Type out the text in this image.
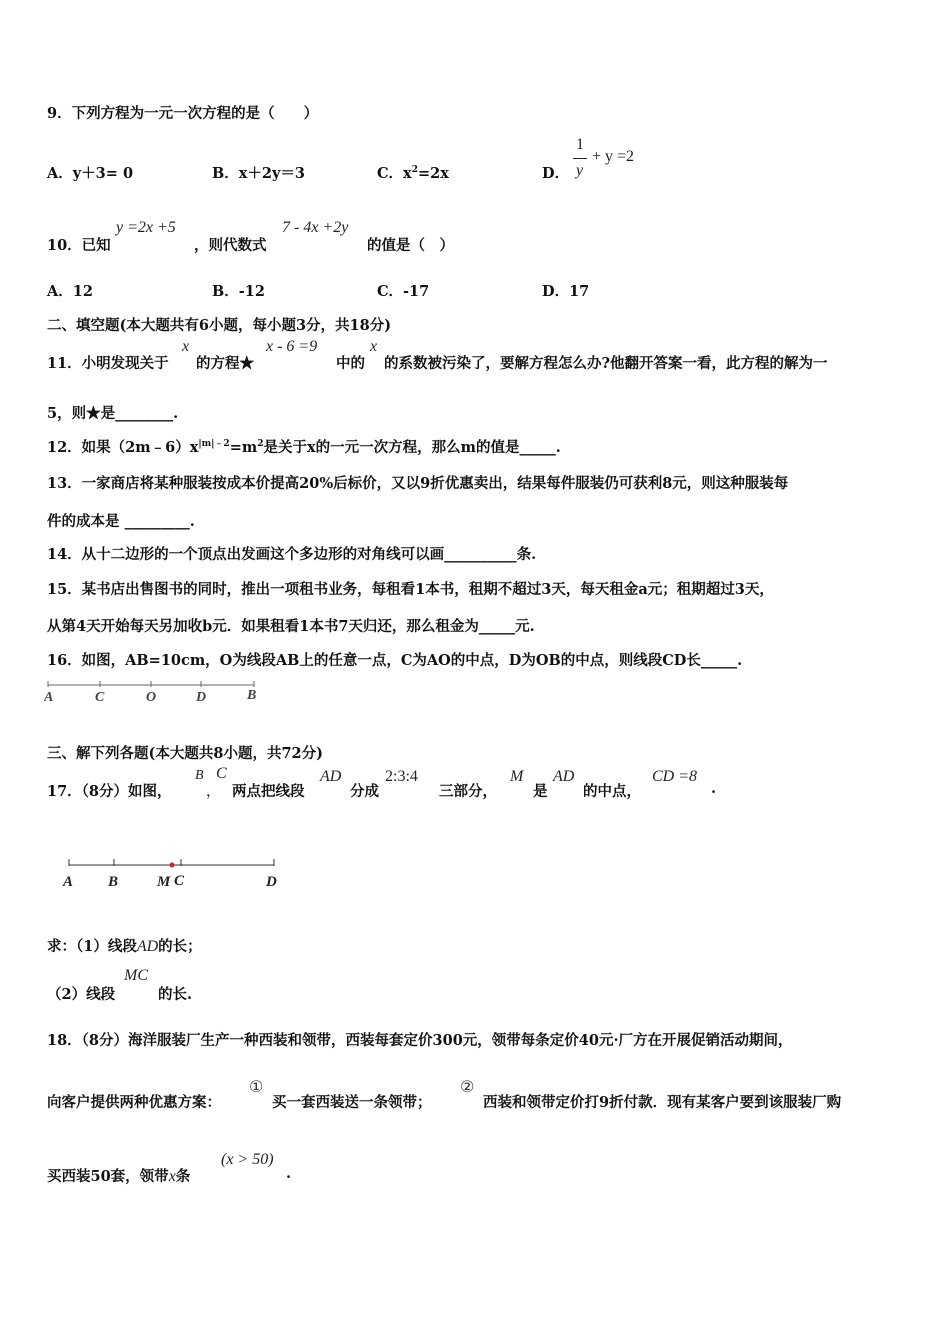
9．下列方程为一元一次方程的是（　　）
A．y＋3= 0	B．x＋2y＝3	C．$x^2=2x$	D．
1
y
+ y =2
10．已知
y =2x +5
，则代数式
7 - 4x +2y
的值是（　）
A．12	B．-12	C．-17	D．17
二、填空题(本大题共有6小题，每小题3分，共18分)
11．小明发现关于
x
的方程★
x - 6 =9
中的
x
的系数被污染了，要解方程怎么办?他翻开答案一看，此方程的解为一
5，则★是________.
12．如果$(2m﹣6)x^{|m|﹣2}=m^2$是关于x的一元一次方程，那么m的值是_____.
13．一家商店将某种服装按成本价提高20%后标价，又以9折优惠卖出，结果每件服装仍可获利8元，则这种服装每
件的成本是 _________.
14．从十二边形的一个顶点出发画这个多边形的对角线可以画__________条.
15．某书店出售图书的同时，推出一项租书业务，每租看1本书，租期不超过3天，每天租金a元；租期超过3天，
从第4天开始每天另加收b元．如果租看1本书7天归还，那么租金为_____元.
16．如图，AB=10cm，O为线段AB上的任意一点，C为AO的中点，D为OB的中点，则线段CD长_____.
A	C	O	D	B
三、解下列各题(本大题共8小题，共72分)
17．（8分）如图，
B
，
C
两点把线段
AD
分成
2:3:4
三部分，
M
是
AD
的中点，
CD =8
.
A B	M C	D
求：（1）线段AD的长；
（2）线段
MC
的长.
18．（8分）海洋服装厂生产一种西装和领带，西装每套定价300元，领带每条定价40元·厂方在开展促销活动期间，
向客户提供两种优惠方案：
①
买一套西装送一条领带；
②
西装和领带定价打9折付款．现有某客户要到该服装厂购
买西装50套，领带x条
(x > 50)
.
